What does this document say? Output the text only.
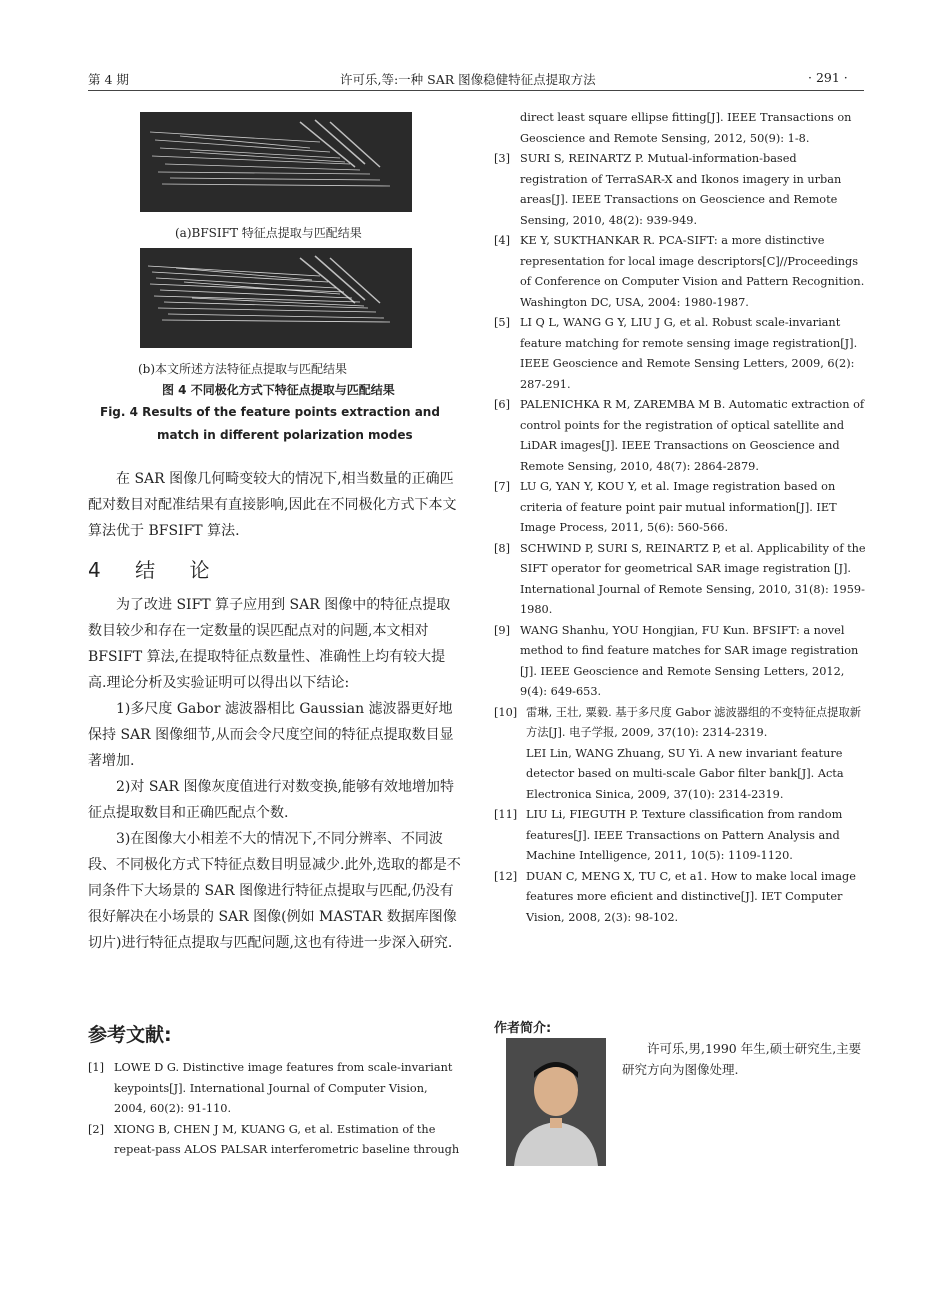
第 4 期	许可乐,等:一种 SAR 图像稳健特征点提取方法	· 291 ·
(a)BFSIFT 特征点提取与匹配结果
(b)本文所述方法特征点提取与匹配结果
图 4 不同极化方式下特征点提取与匹配结果
Fig. 4 Results of the feature points extraction and
match in different polarization modes

在 SAR 图像几何畸变较大的情况下,相当数量的正确匹配对数目对配准结果有直接影响,因此在不同极化方式下本文算法优于 BFSIFT 算法.

4 结 论

为了改进 SIFT 算子应用到 SAR 图像中的特征点提取数目较少和存在一定数量的误匹配点对的问题,本文相对 BFSIFT 算法,在提取特征点数量性、准确性上均有较大提高.理论分析及实验证明可以得出以下结论:

1)多尺度 Gabor 滤波器相比 Gaussian 滤波器更好地保持 SAR 图像细节,从而会令尺度空间的特征点提取数目显著增加.

2)对 SAR 图像灰度值进行对数变换,能够有效地增加特征点提取数目和正确匹配点个数.

3)在图像大小相差不大的情况下,不同分辨率、不同波段、不同极化方式下特征点数目明显减少.此外,选取的都是不同条件下大场景的 SAR 图像进行特征点提取与匹配,仍没有很好解决在小场景的 SAR 图像(例如 MASTAR 数据库图像切片)进行特征点提取与匹配问题,这也有待进一步深入研究.

参考文献:
[1] LOWE D G. Distinctive image features from scale-invariant keypoints[J]. International Journal of Computer Vision, 2004, 60(2): 91-110.
[2] XIONG B, CHEN J M, KUANG G, et al. Estimation of the repeat-pass ALOS PALSAR interferometric baseline through
direct least square ellipse fitting[J]. IEEE Transactions on Geoscience and Remote Sensing, 2012, 50(9): 1-8.
[3] SURI S, REINARTZ P. Mutual-information-based registration of TerraSAR-X and Ikonos imagery in urban areas[J]. IEEE Transactions on Geoscience and Remote Sensing, 2010, 48(2): 939-949.
[4] KE Y, SUKTHANKAR R. PCA-SIFT: a more distinctive representation for local image descriptors[C]//Proceedings of Conference on Computer Vision and Pattern Recognition. Washington DC, USA, 2004: 1980-1987.
[5] LI Q L, WANG G Y, LIU J G, et al. Robust scale-invariant feature matching for remote sensing image registration[J]. IEEE Geoscience and Remote Sensing Letters, 2009, 6(2): 287-291.
[6] PALENICHKA R M, ZAREMBA M B. Automatic extraction of control points for the registration of optical satellite and LiDAR images[J]. IEEE Transactions on Geoscience and Remote Sensing, 2010, 48(7): 2864-2879.
[7] LU G, YAN Y, KOU Y, et al. Image registration based on criteria of feature point pair mutual information[J]. IET Image Process, 2011, 5(6): 560-566.
[8] SCHWIND P, SURI S, REINARTZ P, et al. Applicability of the SIFT operator for geometrical SAR image registration [J]. International Journal of Remote Sensing, 2010, 31(8): 1959-1980.
[9] WANG Shanhu, YOU Hongjian, FU Kun. BFSIFT: a novel method to find feature matches for SAR image registration [J]. IEEE Geoscience and Remote Sensing Letters, 2012, 9(4): 649-653.
[10] 雷琳, 王壮, 粟毅. 基于多尺度 Gabor 滤波器组的不变特征点提取新方法[J]. 电子学报, 2009, 37(10): 2314-2319.
LEI Lin, WANG Zhuang, SU Yi. A new invariant feature detector based on multi-scale Gabor filter bank[J]. Acta Electronica Sinica, 2009, 37(10): 2314-2319.
[11] LIU Li, FIEGUTH P. Texture classification from random features[J]. IEEE Transactions on Pattern Analysis and Machine Intelligence, 2011, 10(5): 1109-1120.
[12] DUAN C, MENG X, TU C, et a1. How to make local image features more eficient and distinctive[J]. IET Computer Vision, 2008, 2(3): 98-102.
作者简介:
许可乐,男,1990 年生,硕士研究生,主要研究方向为图像处理.
